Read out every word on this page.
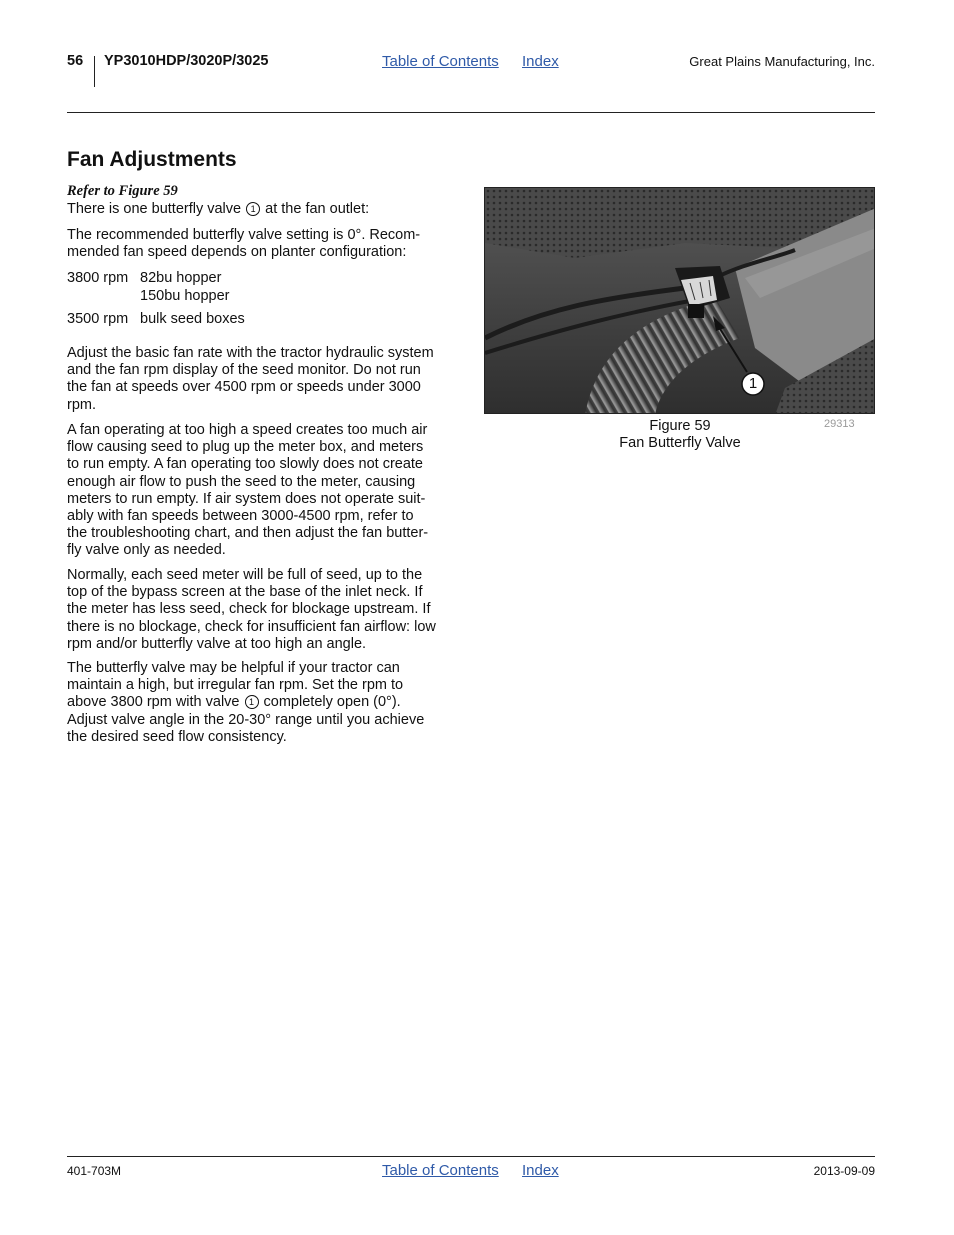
56 YP3010HDP/3020P/3025	Table of Contents Index	Great Plains Manufacturing, Inc.
Fan Adjustments
Refer to Figure 59
There is one butterfly valve 1 at the fan outlet:
The recommended butterfly valve setting is 0°. Recom-
mended fan speed depends on planter configuration:
3800 rpm 82bu hopper
150bu hopper
3500 rpm bulk seed boxes
Adjust the basic fan rate with the tractor hydraulic system
and the fan rpm display of the seed monitor. Do not run
the fan at speeds over 4500 rpm or speeds under 3000
rpm.
A fan operating at too high a speed creates too much air
flow causing seed to plug up the meter box, and meters
to run empty. A fan operating too slowly does not create
enough air flow to push the seed to the meter, causing
meters to run empty. If air system does not operate suit-
ably with fan speeds between 3000-4500 rpm, refer to
the troubleshooting chart, and then adjust the fan butter-
fly valve only as needed.
Normally, each seed meter will be full of seed, up to the
top of the bypass screen at the base of the inlet neck. If
the meter has less seed, check for blockage upstream. If
there is no blockage, check for insufficient fan airflow: low
rpm and/or butterfly valve at too high an angle.
The butterfly valve may be helpful if your tractor can
maintain a high, but irregular fan rpm. Set the rpm to
above 3800 rpm with valve 1 completely open (0°).
Adjust valve angle in the 20-30° range until you achieve
the desired seed flow consistency.
1
Figure 59
Fan Butterfly Valve
29313
401-703M	Table of Contents Index	2013-09-09
